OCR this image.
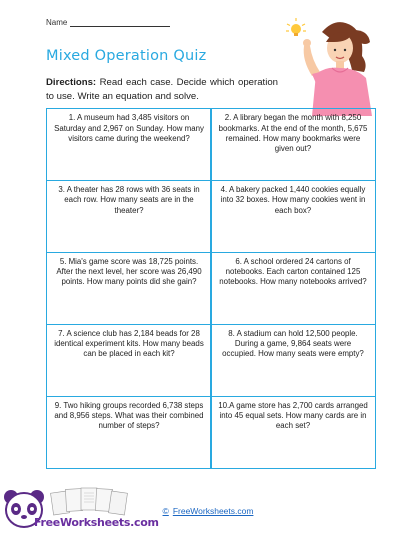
Name
Mixed Operation Quiz
Directions: Read each case. Decide which operation to use. Write an equation and solve.
1. A museum had 3,485 visitors on Saturday and 2,967 on Sunday. How many visitors came during the weekend?
2. A library began the month with 8,250 bookmarks. At the end of the month, 5,675 remained. How many bookmarks were given out?
3. A theater has 28 rows with 36 seats in each row. How many seats are in the theater?
4. A bakery packed 1,440 cookies equally into 32 boxes. How many cookies went in each box?
5. Mia's game score was 18,725 points. After the next level, her score was 26,490 points. How many points did she gain?
6. A school ordered 24 cartons of notebooks. Each carton contained 125 notebooks. How many notebooks arrived?
7. A science club has 2,184 beads for 28 identical experiment kits. How many beads can be placed in each kit?
8. A stadium can hold 12,500 people. During a game, 9,864 seats were occupied. How many seats were empty?
9. Two hiking groups recorded 6,738 steps and 8,956 steps. What was their combined number of steps?
10.A game store has 2,700 cards arranged into 45 equal sets. How many cards are in each set?
© FreeWorksheets.com
FreeWorksheets.com
